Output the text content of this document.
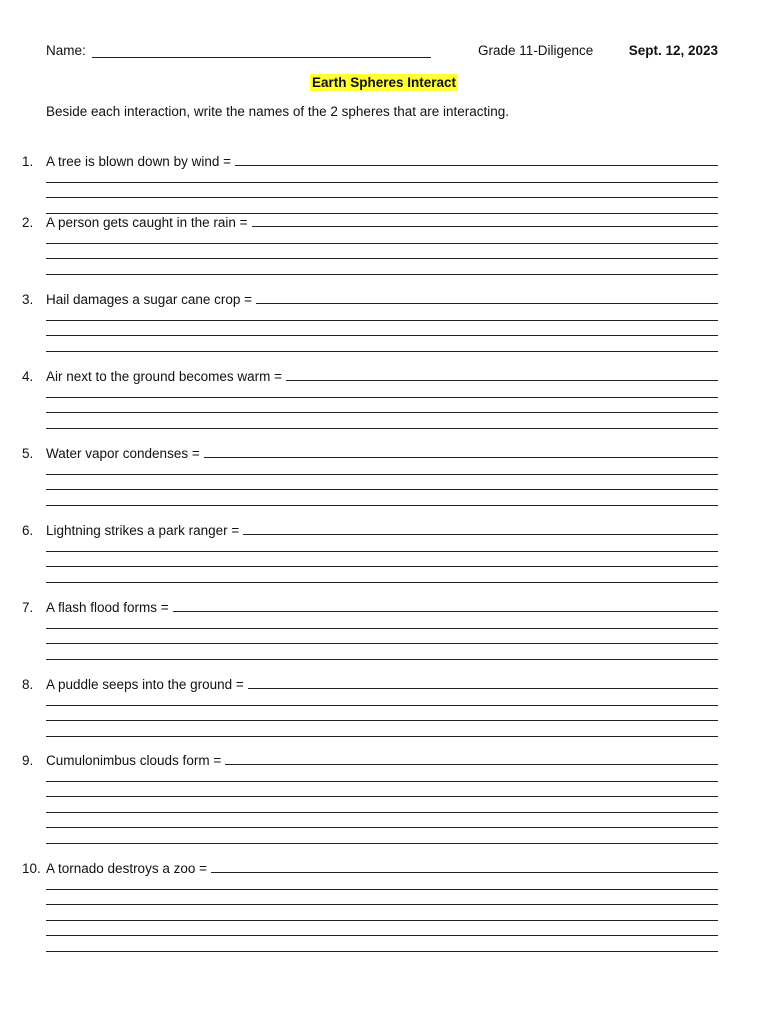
Name:	Grade 11-Diligence	Sept. 12, 2023
Earth Spheres Interact
Beside each interaction, write the names of the 2 spheres that are interacting.
1. A tree is blown down by wind =
2. A person gets caught in the rain =
3. Hail damages a sugar cane crop =
4. Air next to the ground becomes warm =
5. Water vapor condenses =
6. Lightning strikes a park ranger =
7. A flash flood forms =
8. A puddle seeps into the ground =
9. Cumulonimbus clouds form =
10. A tornado destroys a zoo =
